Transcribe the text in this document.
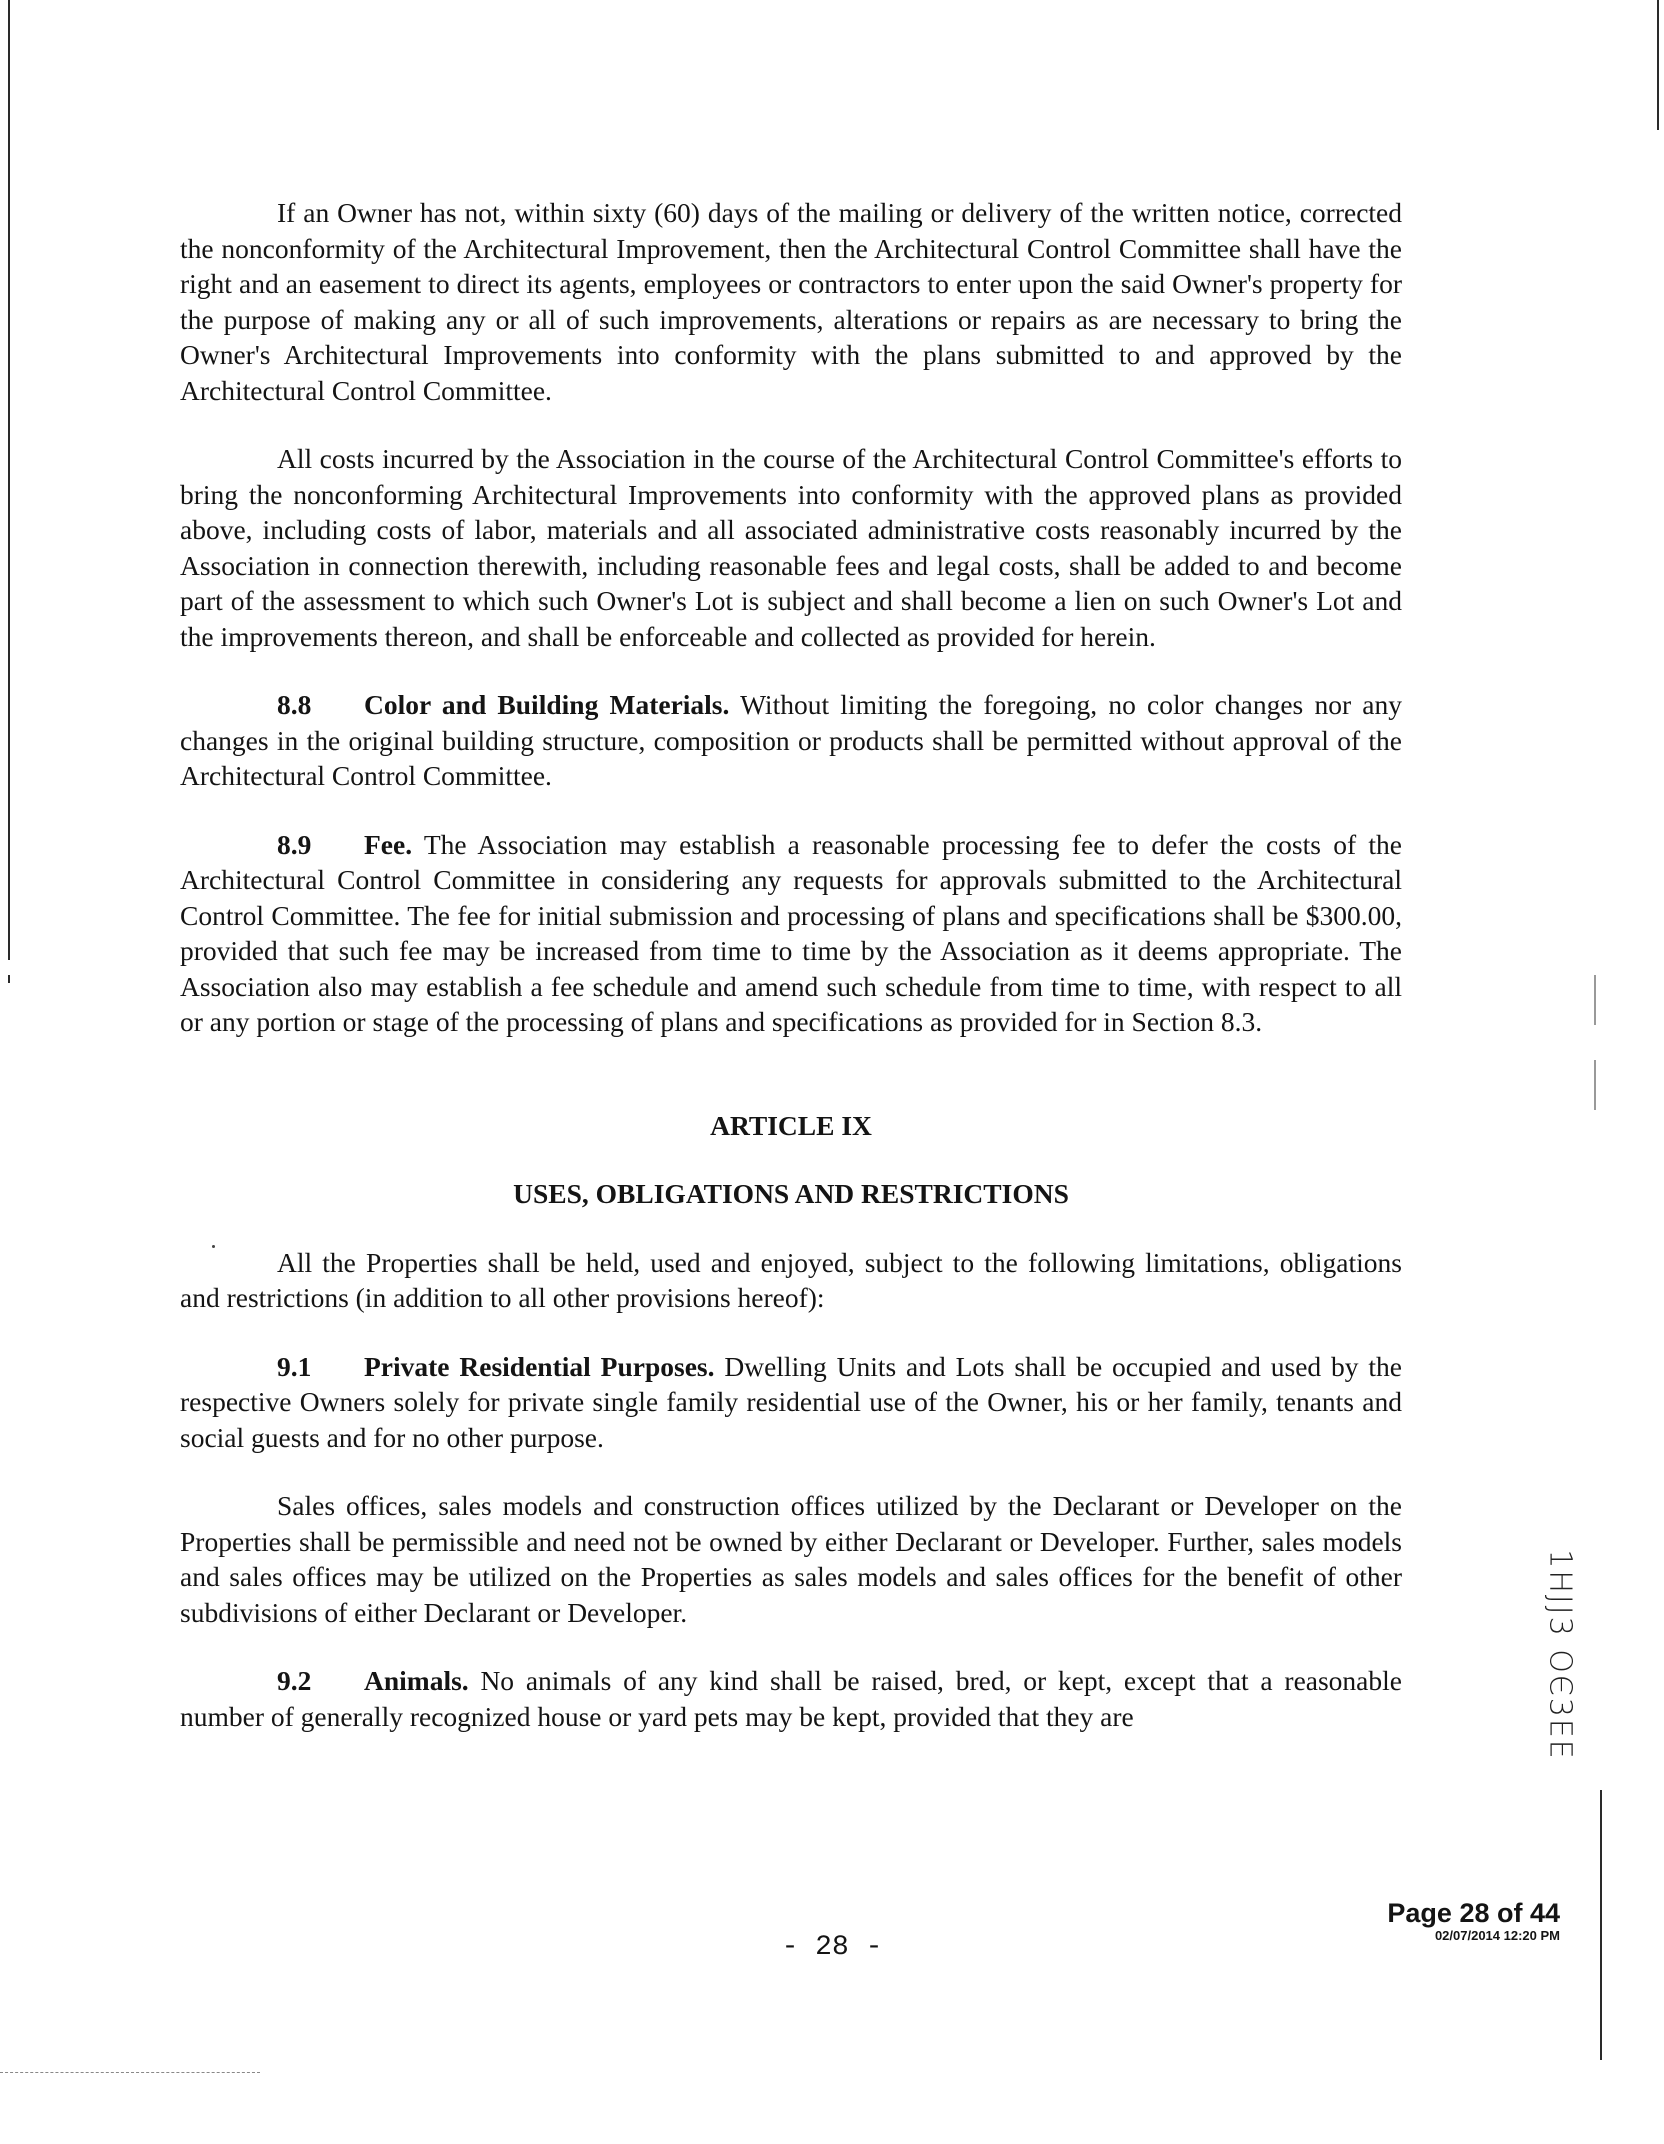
If an Owner has not, within sixty (60) days of the mailing or delivery of the written notice, corrected the nonconformity of the Architectural Improvement, then the Architectural Control Committee shall have the right and an easement to direct its agents, employees or contractors to enter upon the said Owner's property for the purpose of making any or all of such improvements, alterations or repairs as are necessary to bring the Owner's Architectural Improvements into conformity with the plans submitted to and approved by the Architectural Control Committee.

All costs incurred by the Association in the course of the Architectural Control Committee's efforts to bring the nonconforming Architectural Improvements into conformity with the approved plans as provided above, including costs of labor, materials and all associated administrative costs reasonably incurred by the Association in connection therewith, including reasonable fees and legal costs, shall be added to and become part of the assessment to which such Owner's Lot is subject and shall become a lien on such Owner's Lot and the improvements thereon, and shall be enforceable and collected as provided for herein.

8.8 Color and Building Materials. Without limiting the foregoing, no color changes nor any changes in the original building structure, composition or products shall be permitted without approval of the Architectural Control Committee.

8.9 Fee. The Association may establish a reasonable processing fee to defer the costs of the Architectural Control Committee in considering any requests for approvals submitted to the Architectural Control Committee. The fee for initial submission and processing of plans and specifications shall be $300.00, provided that such fee may be increased from time to time by the Association as it deems appropriate. The Association also may establish a fee schedule and amend such schedule from time to time, with respect to all or any portion or stage of the processing of plans and specifications as provided for in Section 8.3.

ARTICLE IX
USES, OBLIGATIONS AND RESTRICTIONS

All the Properties shall be held, used and enjoyed, subject to the following limitations, obligations and restrictions (in addition to all other provisions hereof):

9.1 Private Residential Purposes. Dwelling Units and Lots shall be occupied and used by the respective Owners solely for private single family residential use of the Owner, his or her family, tenants and social guests and for no other purpose.

Sales offices, sales models and construction offices utilized by the Declarant or Developer on the Properties shall be permissible and need not be owned by either Declarant or Developer. Further, sales models and sales offices may be utilized on the Properties as sales models and sales offices for the benefit of other subdivisions of either Declarant or Developer.

9.2 Animals. No animals of any kind shall be raised, bred, or kept, except that a reasonable number of generally recognized house or yard pets may be kept, provided that they are	1HJJ3 ОЄ3ЕЕ
Page 28 of 44
02/07/2014 12:20 PM
- 28 -
